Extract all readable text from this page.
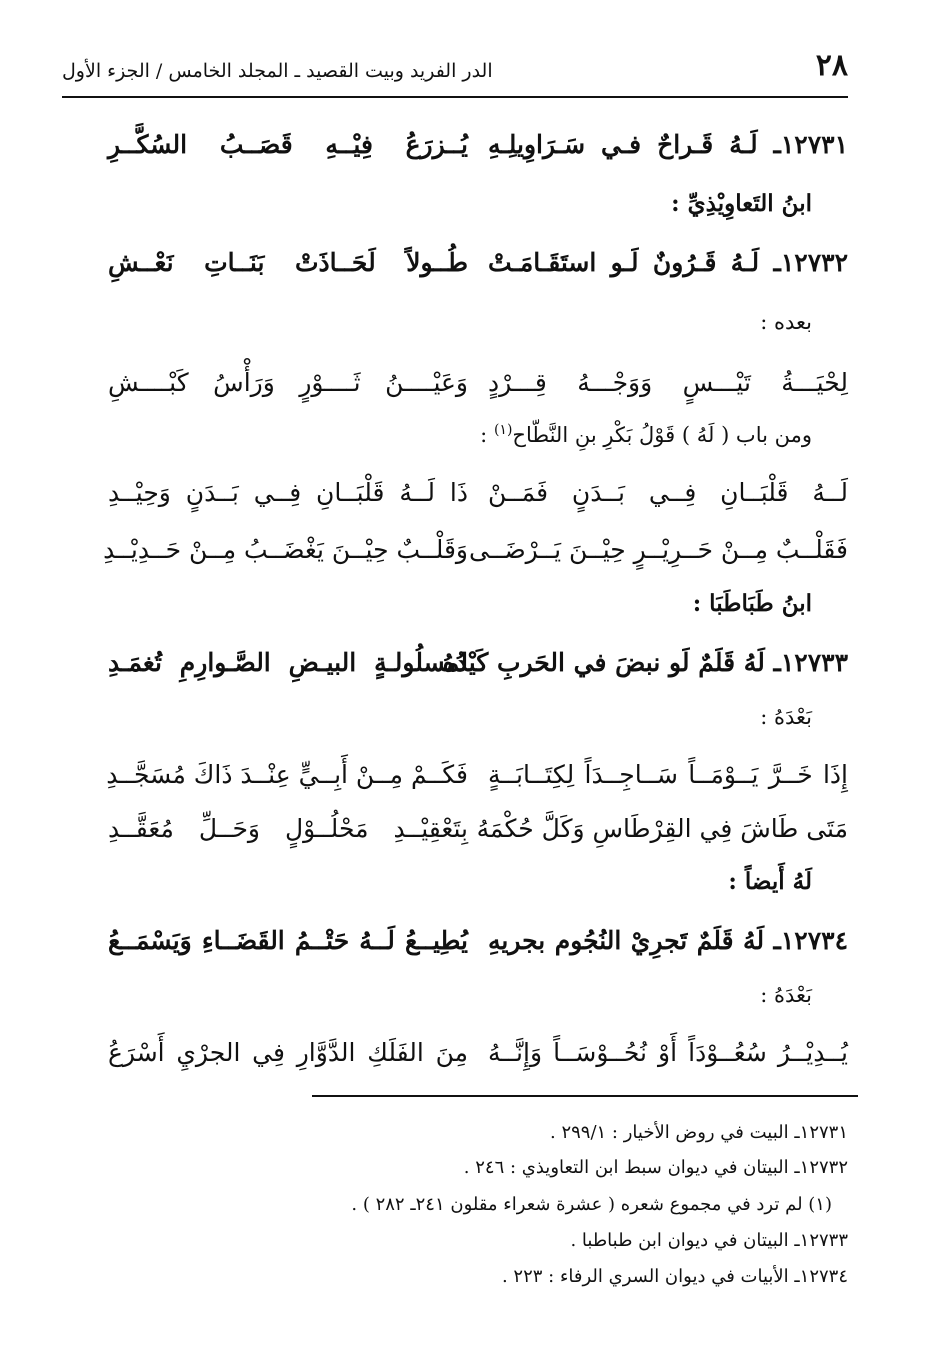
٢٨
الدر الفريد وبيت القصيد ـ المجلد الخامس / الجزء الأول
١٢٧٣١ـ لَـهُ قَـراحٌ فـي سَـرَاوِيلِـهِ
يُــزرَعُ فِيْــهِ قَصَــبُ السُكَّــرِ
ابنُ التَعاوِيْذِيِّ :
١٢٧٣٢ـ لَـهُ قَـرُونٌ لَـو استَقَـامَـتْ
طُــولاً لَحَــاذَتْ بَنَــاتِ نَعْــشِ
بعده :
لِحْيَـــةُ تَيْـــسٍ وَوَجْـــهُ قِـــرْدٍ
وَعَيْــــنُ ثَــــوْرٍ وَرَأْسُ كَبْــــشِ
ومن باب ( لَهُ ) قَوْلُ بَكْرِ بنِ النَّطّاح$^{(١)}$ :
لَــهُ قَلْبَــانِ فِــي بَــدَنٍ فَمَــنْ
ذَا لَــهُ قَلْبَــانِ فِــي بَــدَنٍ وَحِيْــدِ
فَقَلْــبٌ مِــنْ حَــرِيْــرٍ حِيْــنَ يَــرْضَــى
وَقَلْــبٌ حِيْــنَ يَغْضَــبُ مِــنْ حَــدِيْــدِ
ابنُ طَبَاطَبَا :
١٢٧٣٣ـ لَهُ قَلَمٌ لَو نبضَ في الحَربِ كَيْدُهُ
لمسلُولـةٍ البيـضِ الصَّـوارِمِ تُغمَـدِ
بَعْدَهُ :
إِذَا خَــرَّ يَــوْمَــاً سَــاجِــدَاً لِكِتَــابَــةٍ
فَكَــمْ مِــنْ أَبِــيٍّ عِنْــدَ ذَاكَ مُسَجَّــدِ
مَتَى طَاشَ فِي القِرْطَاسِ وَكَلَّ حُكْمَهُ
بِتَعْقِيْــدِ مَحْلُــوْلٍ وَحَــلِّ مُعَقَّــدِ
لَهُ أَيضاً :
١٢٧٣٤ـ لَهُ قَلَمٌ تَجرِيْ النُجُوم بجريهِ
يُطِيــعُ لَــهُ حَتْــمُ القَضَــاءِ وَيَسْمَــعُ
بَعْدَهُ :
يُــدِيْــرُ سُعُــوْدَاً أَوْ نُحُــوْسَــاً وَإِنَّــهُ
مِنَ الفَلَكِ الدَّوَّارِ فِي الجرْيِ أَسْرَعُ
١٢٧٣١ـ البيت في روض الأخيار : ٢٩٩/١ .
١٢٧٣٢ـ البيتان في ديوان سبط ابن التعاويذي : ٢٤٦ .
(١) لم ترد في مجموع شعره ( عشرة شعراء مقلون ٢٤١ـ ٢٨٢ ) .
١٢٧٣٣ـ البيتان في ديوان ابن طباطبا .
١٢٧٣٤ـ الأبيات في ديوان السري الرفاء : ٢٢٣ .
